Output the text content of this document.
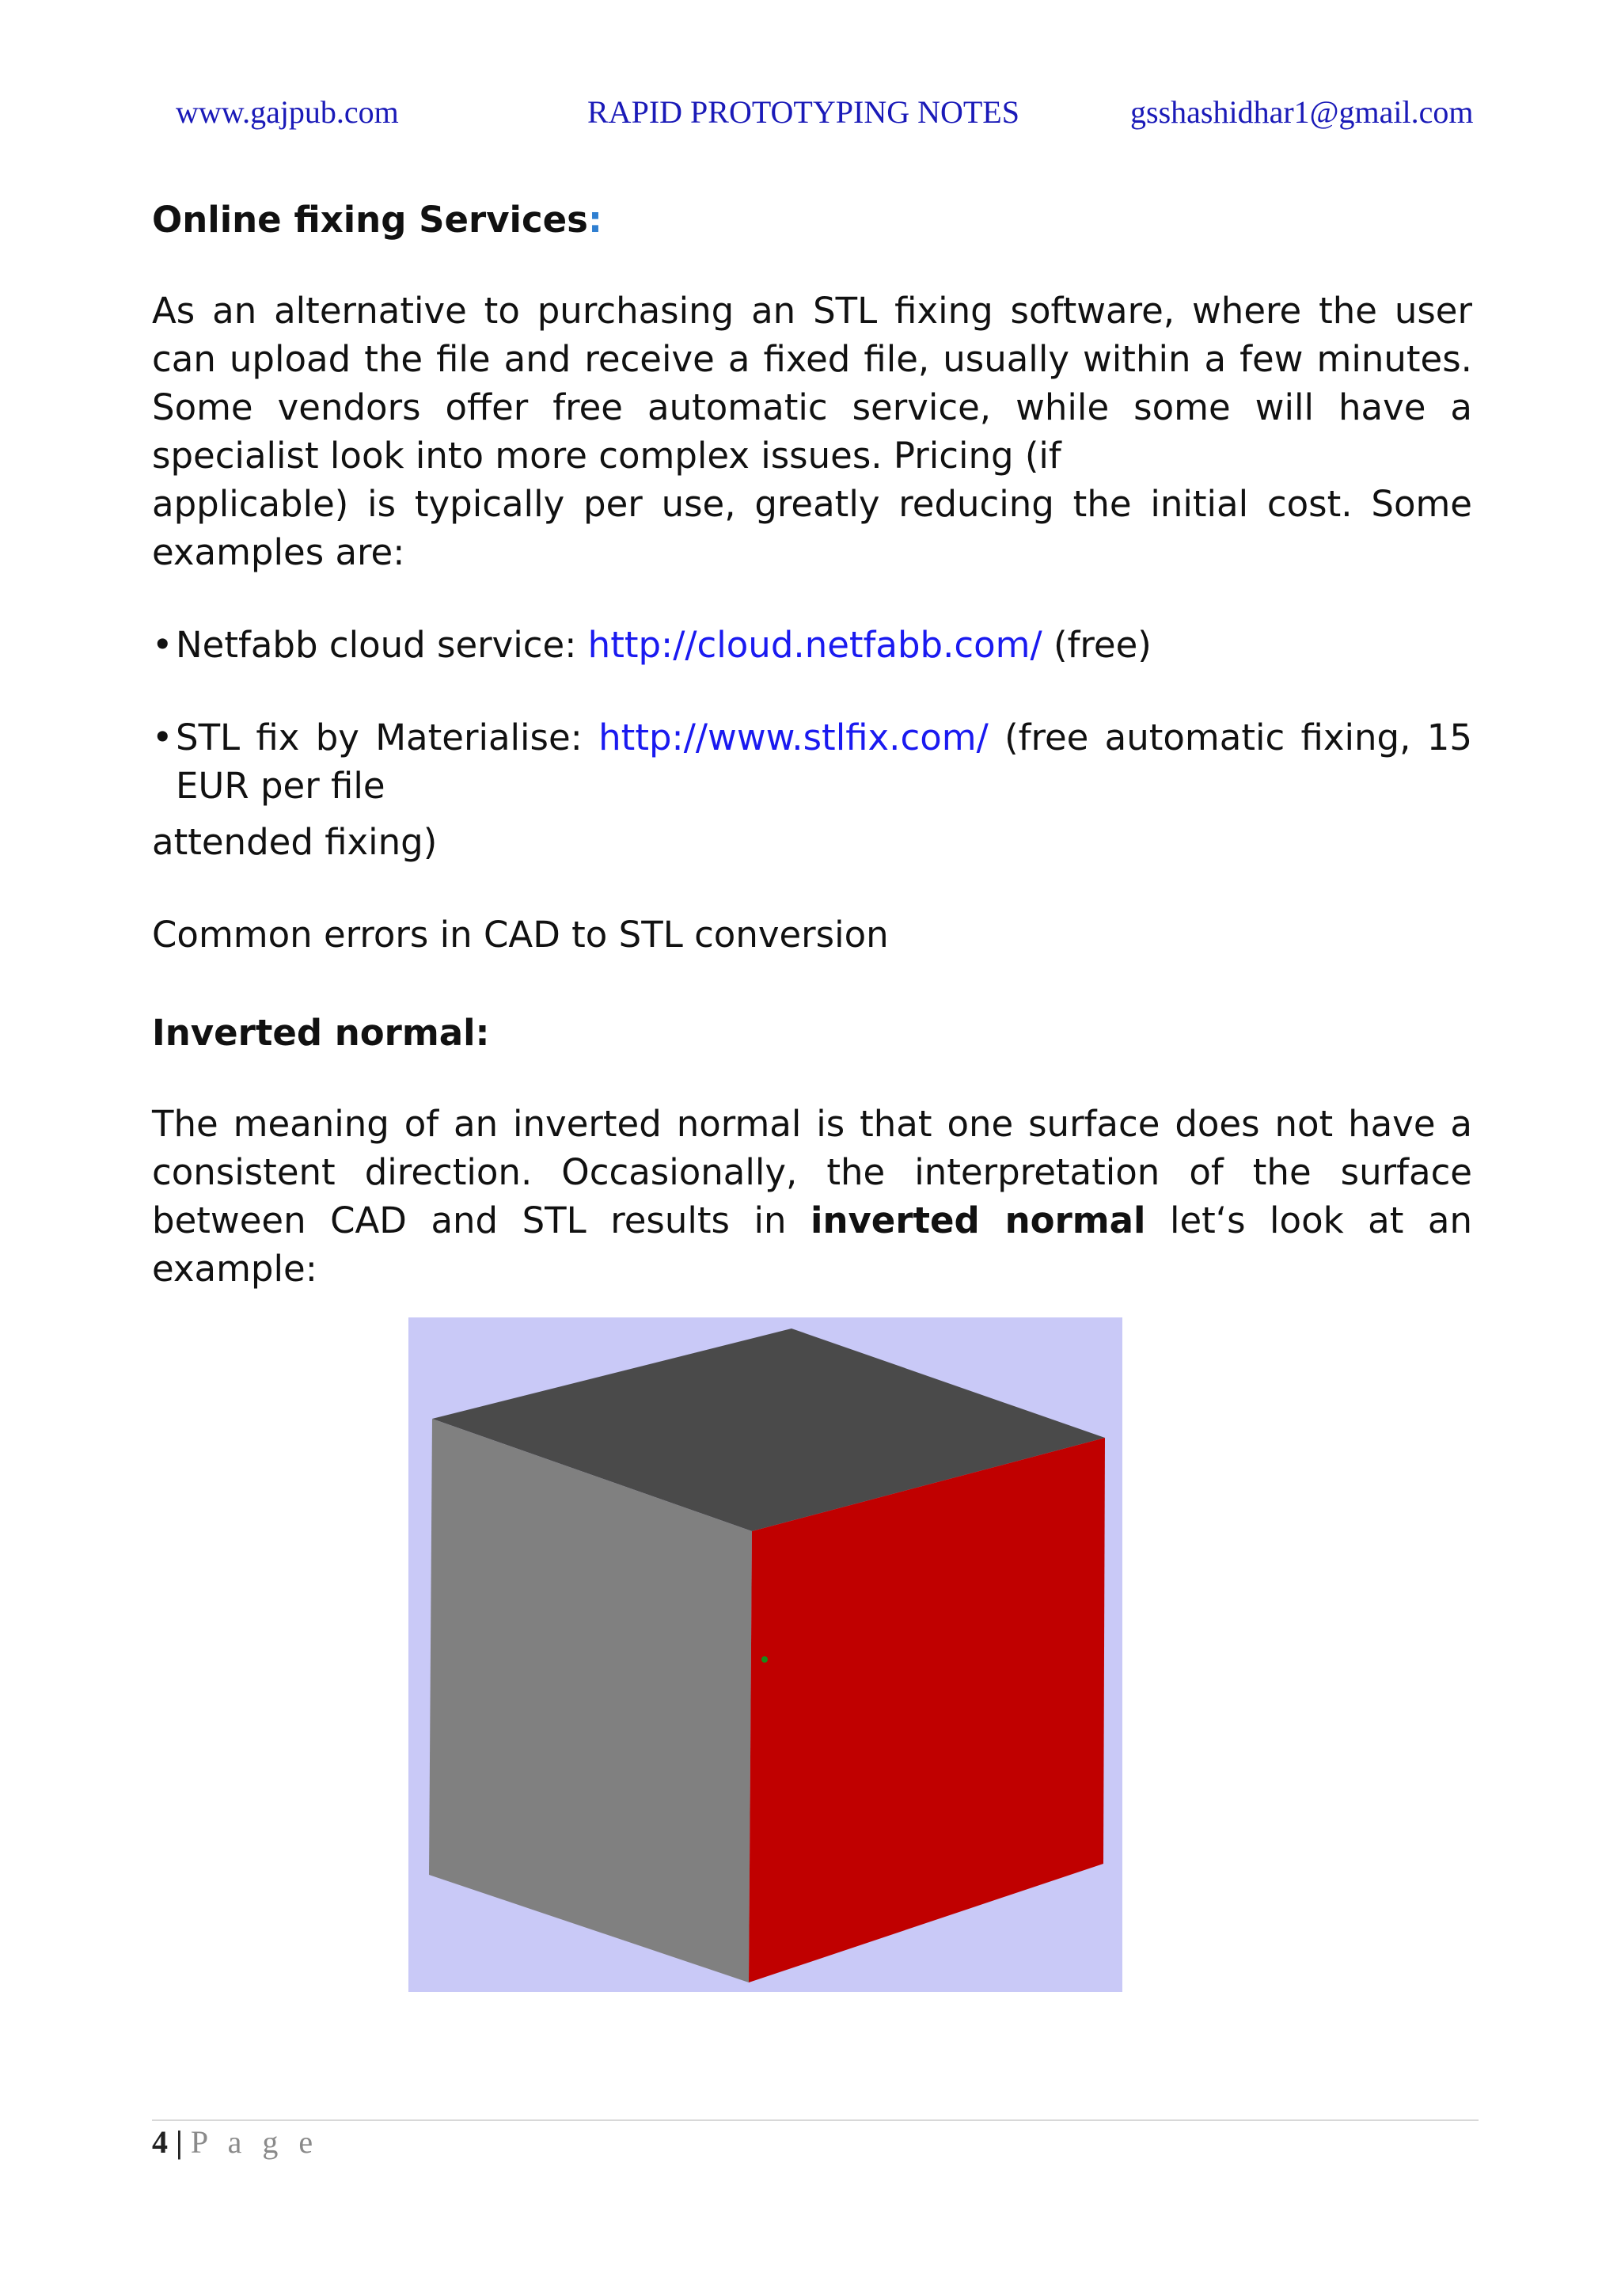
www.gajpub.com	RAPID PROTOTYPING NOTES	gsshashidhar1@gmail.com
Online fixing Services:

As an alternative to purchasing an STL fixing software, where the user can upload the file and receive a fixed file, usually within a few minutes. Some vendors offer free automatic service, while some will have a specialist look into more complex issues. Pricing (if

applicable) is typically per use, greatly reducing the initial cost. Some examples are:

• Netfabb cloud service: http://cloud.netfabb.com/ (free)

• STL fix by Materialise: http://www.stlfix.com/ (free automatic fixing, 15 EUR per file

attended fixing)

Common errors in CAD to STL conversion

Inverted normal:

The meaning of an inverted normal is that one surface does not have a consistent direction. Occasionally, the interpretation of the surface between CAD and STL results in inverted normal let‘s look at an example:

4 | P a g e
